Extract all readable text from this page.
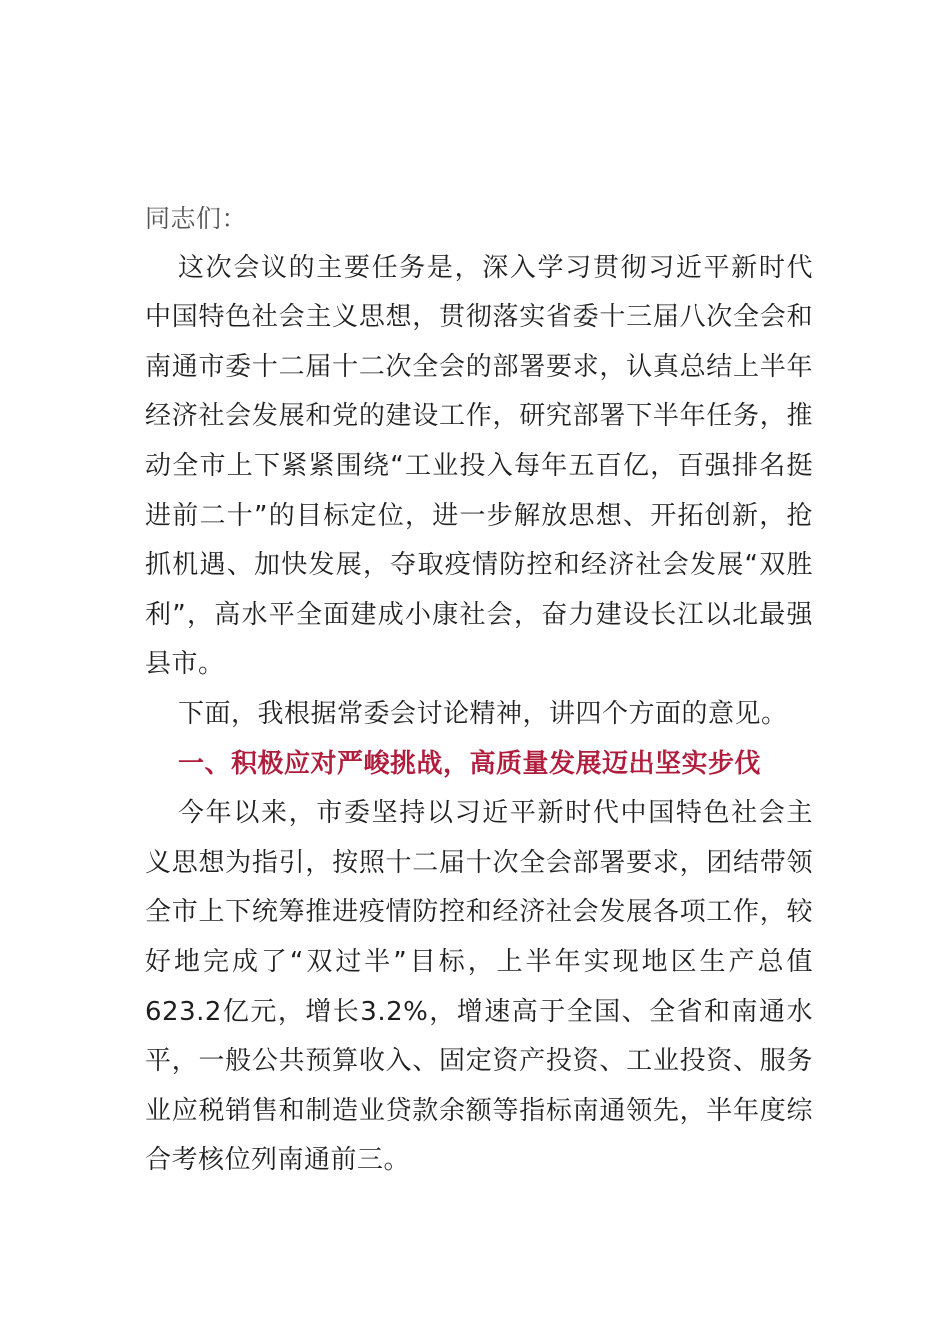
同志们：

这次会议的主要任务是，深入学习贯彻习近平新时代中国特色社会主义思想，贯彻落实省委十三届八次全会和南通市委十二届十二次全会的部署要求，认真总结上半年经济社会发展和党的建设工作，研究部署下半年任务，推动全市上下紧紧围绕“工业投入每年五百亿，百强排名挺进前二十”的目标定位，进一步解放思想、开拓创新，抢抓机遇、加快发展，夺取疫情防控和经济社会发展“双胜利”，高水平全面建成小康社会，奋力建设长江以北最强县市。

下面，我根据常委会讨论精神，讲四个方面的意见。

一、积极应对严峻挑战，高质量发展迈出坚实步伐

今年以来，市委坚持以习近平新时代中国特色社会主义思想为指引，按照十二届十次全会部署要求，团结带领全市上下统筹推进疫情防控和经济社会发展各项工作，较好地完成了“双过半”目标，上半年实现地区生产总值623.2亿元，增长3.2%，增速高于全国、全省和南通水平，一般公共预算收入、固定资产投资、工业投资、服务业应税销售和制造业贷款余额等指标南通领先，半年度综合考核位列南通前三。
